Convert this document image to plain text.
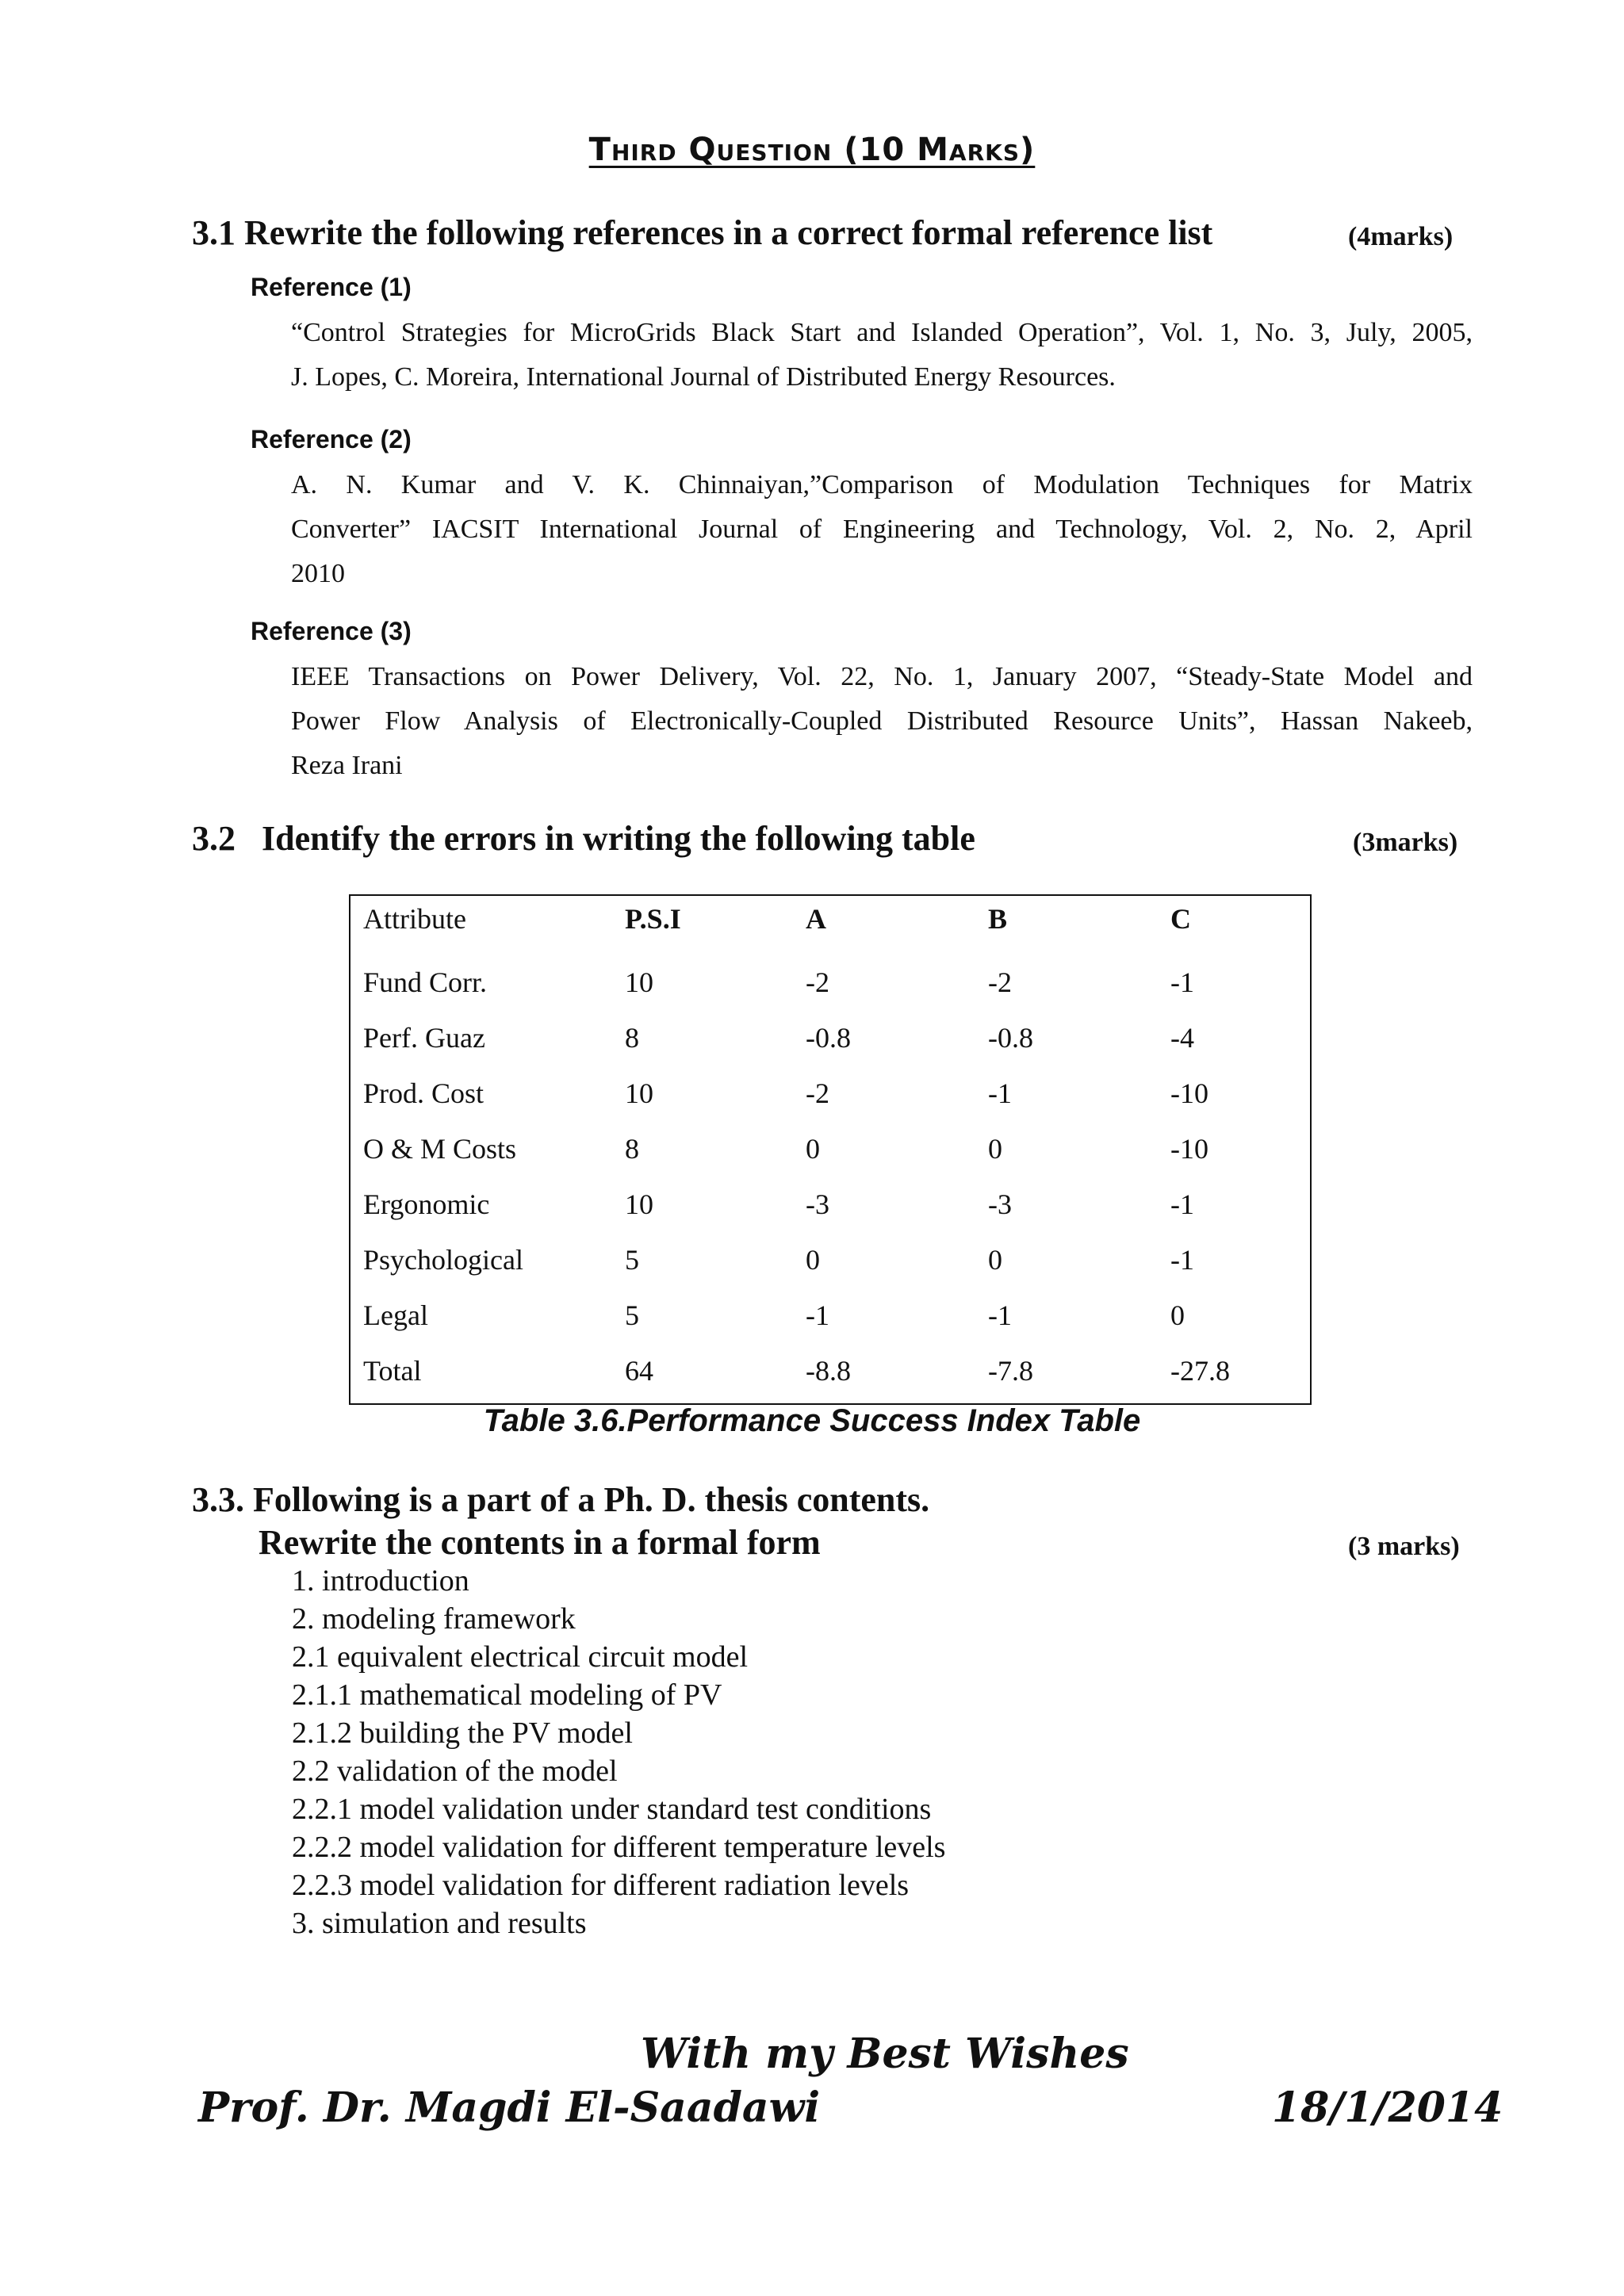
Third Question (10 Marks)
3.1 Rewrite the following references in a correct formal reference list	(4marks)
Reference (1)
“Control Strategies for MicroGrids Black Start and Islanded Operation”, Vol. 1, No. 3, July, 2005,
J. Lopes, C. Moreira, International Journal of Distributed Energy Resources.
Reference (2)
A. N. Kumar and V. K. Chinnaiyan,”Comparison of Modulation Techniques for Matrix
Converter” IACSIT International Journal of Engineering and Technology, Vol. 2, No. 2, April
2010
Reference (3)
IEEE Transactions on Power Delivery, Vol. 22, No. 1, January 2007, “Steady-State Model and
Power Flow Analysis of Electronically-Coupled Distributed Resource Units”, Hassan Nakeeb,
Reza Irani
3.2   Identify the errors in writing the following table	(3marks)
Attribute	P.S.I	A	B	C
Fund Corr.	10	-2	-2	-1
Perf. Guaz	8	-0.8	-0.8	-4
Prod. Cost	10	-2	-1	-10
O & M Costs	8	0	0	-10
Ergonomic	10	-3	-3	-1
Psychological	5	0	0	-1
Legal	5	-1	-1	0
Total	64	-8.8	-7.8	-27.8
Table 3.6.Performance Success Index Table
3.3. Following is a part of a Ph. D. thesis contents.
Rewrite the contents in a formal form	(3 marks)
1. introduction
2. modeling framework
2.1 equivalent electrical circuit model
2.1.1 mathematical modeling of PV
2.1.2 building the PV model
2.2 validation of the model
2.2.1 model validation under standard test conditions
2.2.2 model validation for different temperature levels
2.2.3 model validation for different radiation levels
3. simulation and results
With my Best Wishes
Prof. Dr. Magdi El-Saadawi	18/1/2014
